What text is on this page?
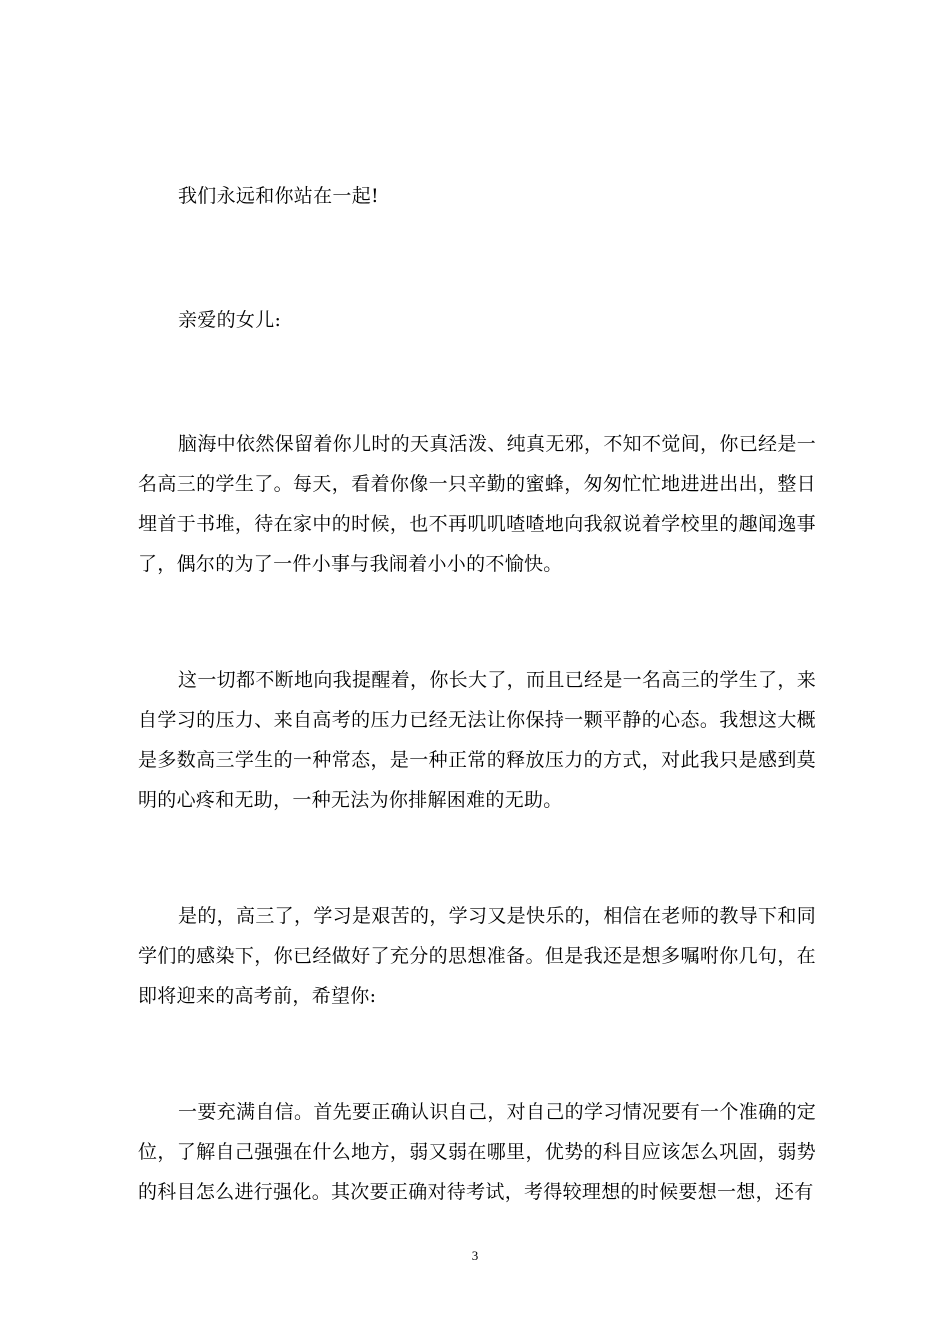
我们永远和你站在一起!

亲爱的女儿:

脑海中依然保留着你儿时的天真活泼、纯真无邪，不知不觉间，你已经是一名高三的学生了。每天，看着你像一只辛勤的蜜蜂，匆匆忙忙地进进出出，整日埋首于书堆，待在家中的时候，也不再叽叽喳喳地向我叙说着学校里的趣闻逸事了，偶尔的为了一件小事与我闹着小小的不愉快。

这一切都不断地向我提醒着，你长大了，而且已经是一名高三的学生了，来自学习的压力、来自高考的压力已经无法让你保持一颗平静的心态。我想这大概是多数高三学生的一种常态，是一种正常的释放压力的方式，对此我只是感到莫明的心疼和无助，一种无法为你排解困难的无助。

是的，高三了，学习是艰苦的，学习又是快乐的，相信在老师的教导下和同学们的感染下，你已经做好了充分的思想准备。但是我还是想多嘱咐你几句，在即将迎来的高考前，希望你:

一要充满自信。首先要正确认识自己，对自己的学习情况要有一个准确的定位，了解自己强强在什么地方，弱又弱在哪里，优势的科目应该怎么巩固，弱势的科目怎么进行强化。其次要正确对待考试，考得较理想的时候要想一想，还有

3
